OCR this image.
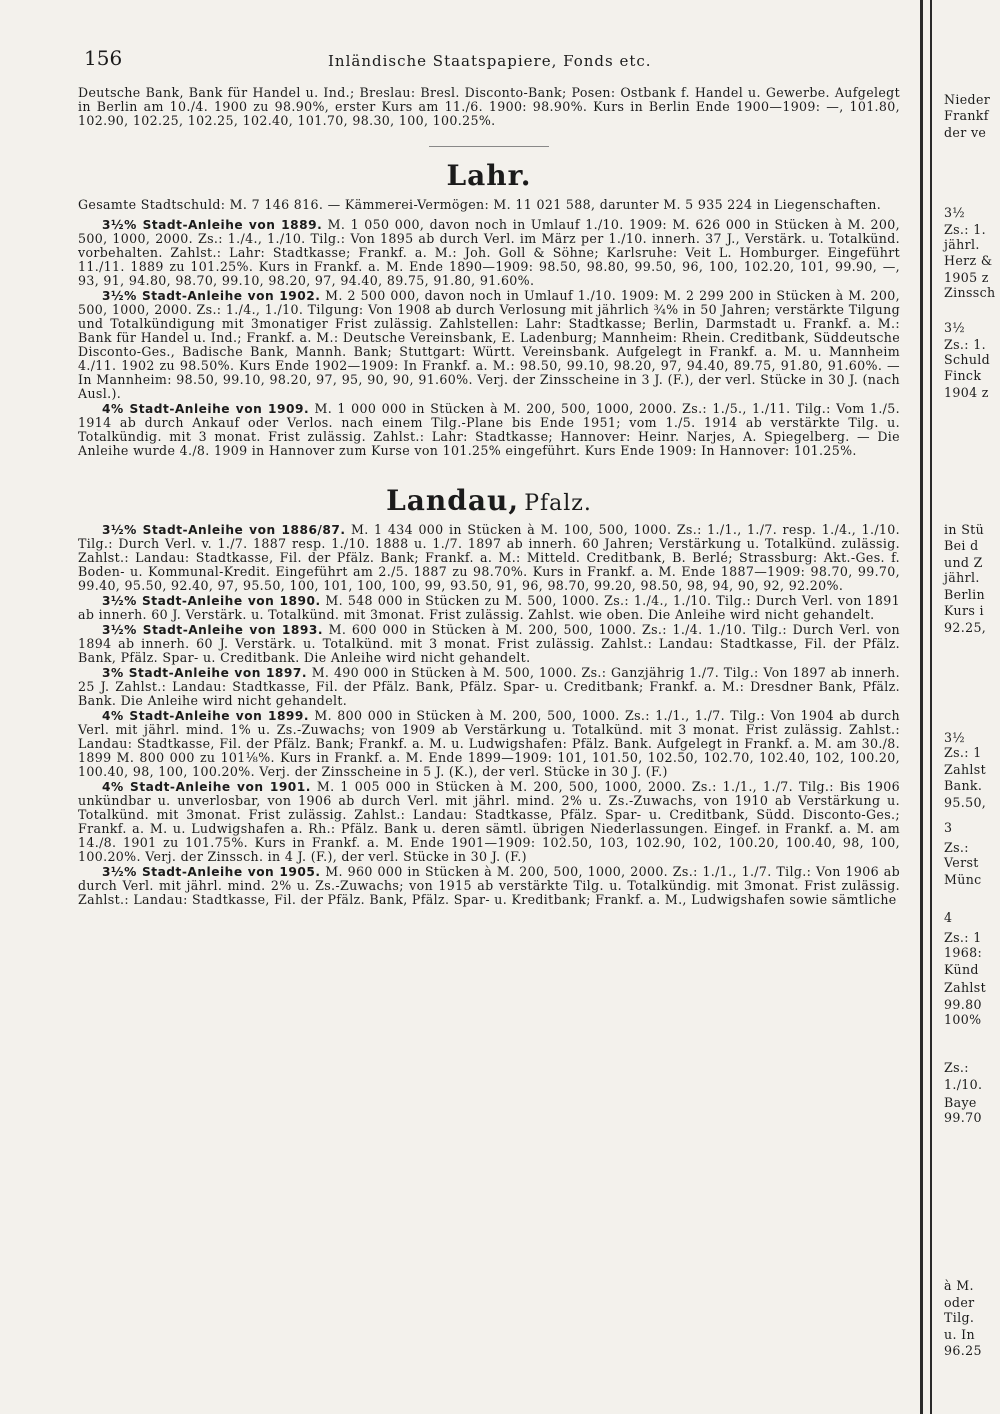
156	Inländische Staatspapiere, Fonds etc.

Deutsche Bank, Bank für Handel u. Ind.; Breslau: Bresl. Disconto-Bank; Posen: Ostbank f. Handel u. Gewerbe. Aufgelegt in Berlin am 10./4. 1900 zu 98.90%, erster Kurs am 11./6. 1900: 98.90%. Kurs in Berlin Ende 1900—1909: —, 101.80, 102.90, 102.25, 102.25, 102.40, 101.70, 98.30, 100, 100.25%.

Lahr.

Gesamte Stadtschuld: M. 7 146 816. — Kämmerei-Vermögen: M. 11 021 588, darunter M. 5 935 224 in Liegenschaften.

3½% Stadt-Anleihe von 1889. M. 1 050 000, davon noch in Umlauf 1./10. 1909: M. 626 000 in Stücken à M. 200, 500, 1000, 2000. Zs.: 1./4., 1./10. Tilg.: Von 1895 ab durch Verl. im März per 1./10. innerh. 37 J., Verstärk. u. Totalkünd. vorbehalten. Zahlst.: Lahr: Stadtkasse; Frankf. a. M.: Joh. Goll & Söhne; Karlsruhe: Veit L. Homburger. Eingeführt 11./11. 1889 zu 101.25%. Kurs in Frankf. a. M. Ende 1890—1909: 98.50, 98.80, 99.50, 96, 100, 102.20, 101, 99.90, —, 93, 91, 94.80, 98.70, 99.10, 98.20, 97, 94.40, 89.75, 91.80, 91.60%.

3½% Stadt-Anleihe von 1902. M. 2 500 000, davon noch in Umlauf 1./10. 1909: M. 2 299 200 in Stücken à M. 200, 500, 1000, 2000. Zs.: 1./4., 1./10. Tilgung: Von 1908 ab durch Verlosung mit jährlich ¾% in 50 Jahren; verstärkte Tilgung und Totalkündigung mit 3monatiger Frist zulässig. Zahlstellen: Lahr: Stadtkasse; Berlin, Darmstadt u. Frankf. a. M.: Bank für Handel u. Ind.; Frankf. a. M.: Deutsche Vereinsbank, E. Ladenburg; Mannheim: Rhein. Creditbank, Süddeutsche Disconto-Ges., Badische Bank, Mannh. Bank; Stuttgart: Württ. Vereinsbank. Aufgelegt in Frankf. a. M. u. Mannheim 4./11. 1902 zu 98.50%. Kurs Ende 1902—1909: In Frankf. a. M.: 98.50, 99.10, 98.20, 97, 94.40, 89.75, 91.80, 91.60%. — In Mannheim: 98.50, 99.10, 98.20, 97, 95, 90, 90, 91.60%. Verj. der Zinsscheine in 3 J. (F.), der verl. Stücke in 30 J. (nach Ausl.).

4% Stadt-Anleihe von 1909. M. 1 000 000 in Stücken à M. 200, 500, 1000, 2000. Zs.: 1./5., 1./11. Tilg.: Vom 1./5. 1914 ab durch Ankauf oder Verlos. nach einem Tilg.-Plane bis Ende 1951; vom 1./5. 1914 ab verstärkte Tilg. u. Totalkündig. mit 3 monat. Frist zulässig. Zahlst.: Lahr: Stadtkasse; Hannover: Heinr. Narjes, A. Spiegelberg. — Die Anleihe wurde 4./8. 1909 in Hannover zum Kurse von 101.25% eingeführt. Kurs Ende 1909: In Hannover: 101.25%.

Landau, Pfalz.

3½% Stadt-Anleihe von 1886/87. M. 1 434 000 in Stücken à M. 100, 500, 1000. Zs.: 1./1., 1./7. resp. 1./4., 1./10. Tilg.: Durch Verl. v. 1./7. 1887 resp. 1./10. 1888 u. 1./7. 1897 ab innerh. 60 Jahren; Verstärkung u. Totalkünd. zulässig. Zahlst.: Landau: Stadtkasse, Fil. der Pfälz. Bank; Frankf. a. M.: Mitteld. Creditbank, B. Berlé; Strassburg: Akt.-Ges. f. Boden- u. Kommunal-Kredit. Eingeführt am 2./5. 1887 zu 98.70%. Kurs in Frankf. a. M. Ende 1887—1909: 98.70, 99.70, 99.40, 95.50, 92.40, 97, 95.50, 100, 101, 100, 100, 99, 93.50, 91, 96, 98.70, 99.20, 98.50, 98, 94, 90, 92, 92.20%.

3½% Stadt-Anleihe von 1890. M. 548 000 in Stücken zu M. 500, 1000. Zs.: 1./4., 1./10. Tilg.: Durch Verl. von 1891 ab innerh. 60 J. Verstärk. u. Totalkünd. mit 3monat. Frist zulässig. Zahlst. wie oben. Die Anleihe wird nicht gehandelt.

3½% Stadt-Anleihe von 1893. M. 600 000 in Stücken à M. 200, 500, 1000. Zs.: 1./4. 1./10. Tilg.: Durch Verl. von 1894 ab innerh. 60 J. Verstärk. u. Totalkünd. mit 3 monat. Frist zulässig. Zahlst.: Landau: Stadtkasse, Fil. der Pfälz. Bank, Pfälz. Spar- u. Creditbank. Die Anleihe wird nicht gehandelt.

3% Stadt-Anleihe von 1897. M. 490 000 in Stücken à M. 500, 1000. Zs.: Ganzjährig 1./7. Tilg.: Von 1897 ab innerh. 25 J. Zahlst.: Landau: Stadtkasse, Fil. der Pfälz. Bank, Pfälz. Spar- u. Creditbank; Frankf. a. M.: Dresdner Bank, Pfälz. Bank. Die Anleihe wird nicht gehandelt.

4% Stadt-Anleihe von 1899. M. 800 000 in Stücken à M. 200, 500, 1000. Zs.: 1./1., 1./7. Tilg.: Von 1904 ab durch Verl. mit jährl. mind. 1% u. Zs.-Zuwachs; von 1909 ab Verstärkung u. Totalkünd. mit 3 monat. Frist zulässig. Zahlst.: Landau: Stadtkasse, Fil. der Pfälz. Bank; Frankf. a. M. u. Ludwigshafen: Pfälz. Bank. Aufgelegt in Frankf. a. M. am 30./8. 1899 M. 800 000 zu 101⅛%. Kurs in Frankf. a. M. Ende 1899—1909: 101, 101.50, 102.50, 102.70, 102.40, 102, 100.20, 100.40, 98, 100, 100.20%. Verj. der Zinsscheine in 5 J. (K.), der verl. Stücke in 30 J. (F.)

4% Stadt-Anleihe von 1901. M. 1 005 000 in Stücken à M. 200, 500, 1000, 2000. Zs.: 1./1., 1./7. Tilg.: Bis 1906 unkündbar u. unverlosbar, von 1906 ab durch Verl. mit jährl. mind. 2% u. Zs.-Zuwachs, von 1910 ab Verstärkung u. Totalkünd. mit 3monat. Frist zulässig. Zahlst.: Landau: Stadtkasse, Pfälz. Spar- u. Creditbank, Südd. Disconto-Ges.; Frankf. a. M. u. Ludwigshafen a. Rh.: Pfälz. Bank u. deren sämtl. übrigen Niederlassungen. Eingef. in Frankf. a. M. am 14./8. 1901 zu 101.75%. Kurs in Frankf. a. M. Ende 1901—1909: 102.50, 103, 102.90, 102, 100.20, 100.40, 98, 100, 100.20%. Verj. der Zinssch. in 4 J. (F.), der verl. Stücke in 30 J. (F.)

3½% Stadt-Anleihe von 1905. M. 960 000 in Stücken à M. 200, 500, 1000, 2000. Zs.: 1./1., 1./7. Tilg.: Von 1906 ab durch Verl. mit jährl. mind. 2% u. Zs.-Zuwachs; von 1915 ab verstärkte Tilg. u. Totalkündig. mit 3monat. Frist zulässig. Zahlst.: Landau: Stadtkasse, Fil. der Pfälz. Bank, Pfälz. Spar- u. Kreditbank; Frankf. a. M., Ludwigshafen sowie sämtliche

Nieder
Frankf
der ve
3½
Zs.: 1.
jährl.
Herz &
1905 z
Zinssch
3½
Zs.: 1.
Schuld
Finck
1904 z
in Stü
Bei d
und Z
jährl.
Berlin
Kurs i
92.25,
3½
Zs.: 1
Zahlst
Bank.
95.50,
3
Zs.:
Verst
Münc
4
Zs.: 1
1968:
Künd
Zahlst
99.80
100%
Zs.:
1./10.
Baye
99.70
à M.
oder
Tilg.
u. In
96.25
